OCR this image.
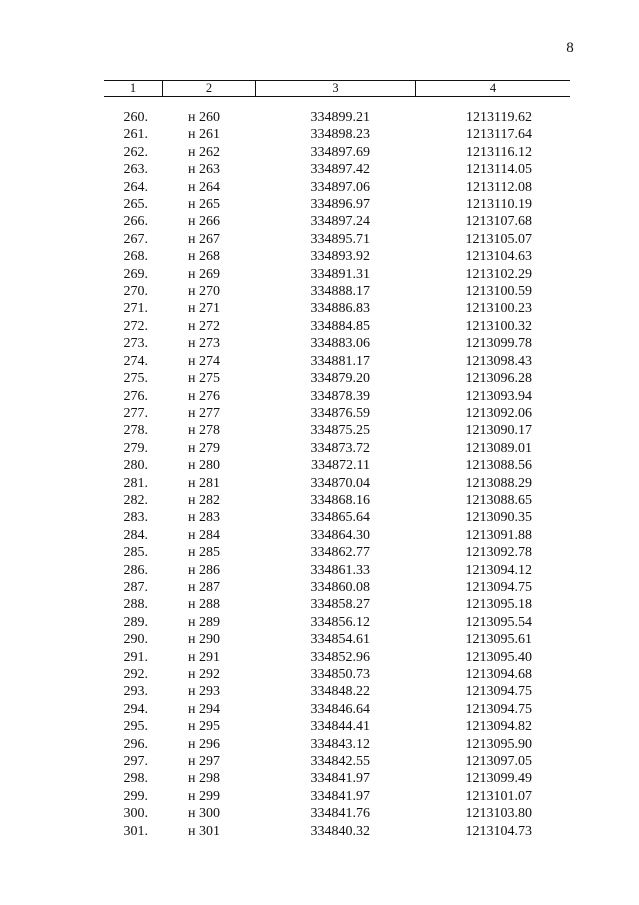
8
1	2	3	4
260.	н 260	334899.21	1213119.62
261.	н 261	334898.23	1213117.64
262.	н 262	334897.69	1213116.12
263.	н 263	334897.42	1213114.05
264.	н 264	334897.06	1213112.08
265.	н 265	334896.97	1213110.19
266.	н 266	334897.24	1213107.68
267.	н 267	334895.71	1213105.07
268.	н 268	334893.92	1213104.63
269.	н 269	334891.31	1213102.29
270.	н 270	334888.17	1213100.59
271.	н 271	334886.83	1213100.23
272.	н 272	334884.85	1213100.32
273.	н 273	334883.06	1213099.78
274.	н 274	334881.17	1213098.43
275.	н 275	334879.20	1213096.28
276.	н 276	334878.39	1213093.94
277.	н 277	334876.59	1213092.06
278.	н 278	334875.25	1213090.17
279.	н 279	334873.72	1213089.01
280.	н 280	334872.11	1213088.56
281.	н 281	334870.04	1213088.29
282.	н 282	334868.16	1213088.65
283.	н 283	334865.64	1213090.35
284.	н 284	334864.30	1213091.88
285.	н 285	334862.77	1213092.78
286.	н 286	334861.33	1213094.12
287.	н 287	334860.08	1213094.75
288.	н 288	334858.27	1213095.18
289.	н 289	334856.12	1213095.54
290.	н 290	334854.61	1213095.61
291.	н 291	334852.96	1213095.40
292.	н 292	334850.73	1213094.68
293.	н 293	334848.22	1213094.75
294.	н 294	334846.64	1213094.75
295.	н 295	334844.41	1213094.82
296.	н 296	334843.12	1213095.90
297.	н 297	334842.55	1213097.05
298.	н 298	334841.97	1213099.49
299.	н 299	334841.97	1213101.07
300.	н 300	334841.76	1213103.80
301.	н 301	334840.32	1213104.73
